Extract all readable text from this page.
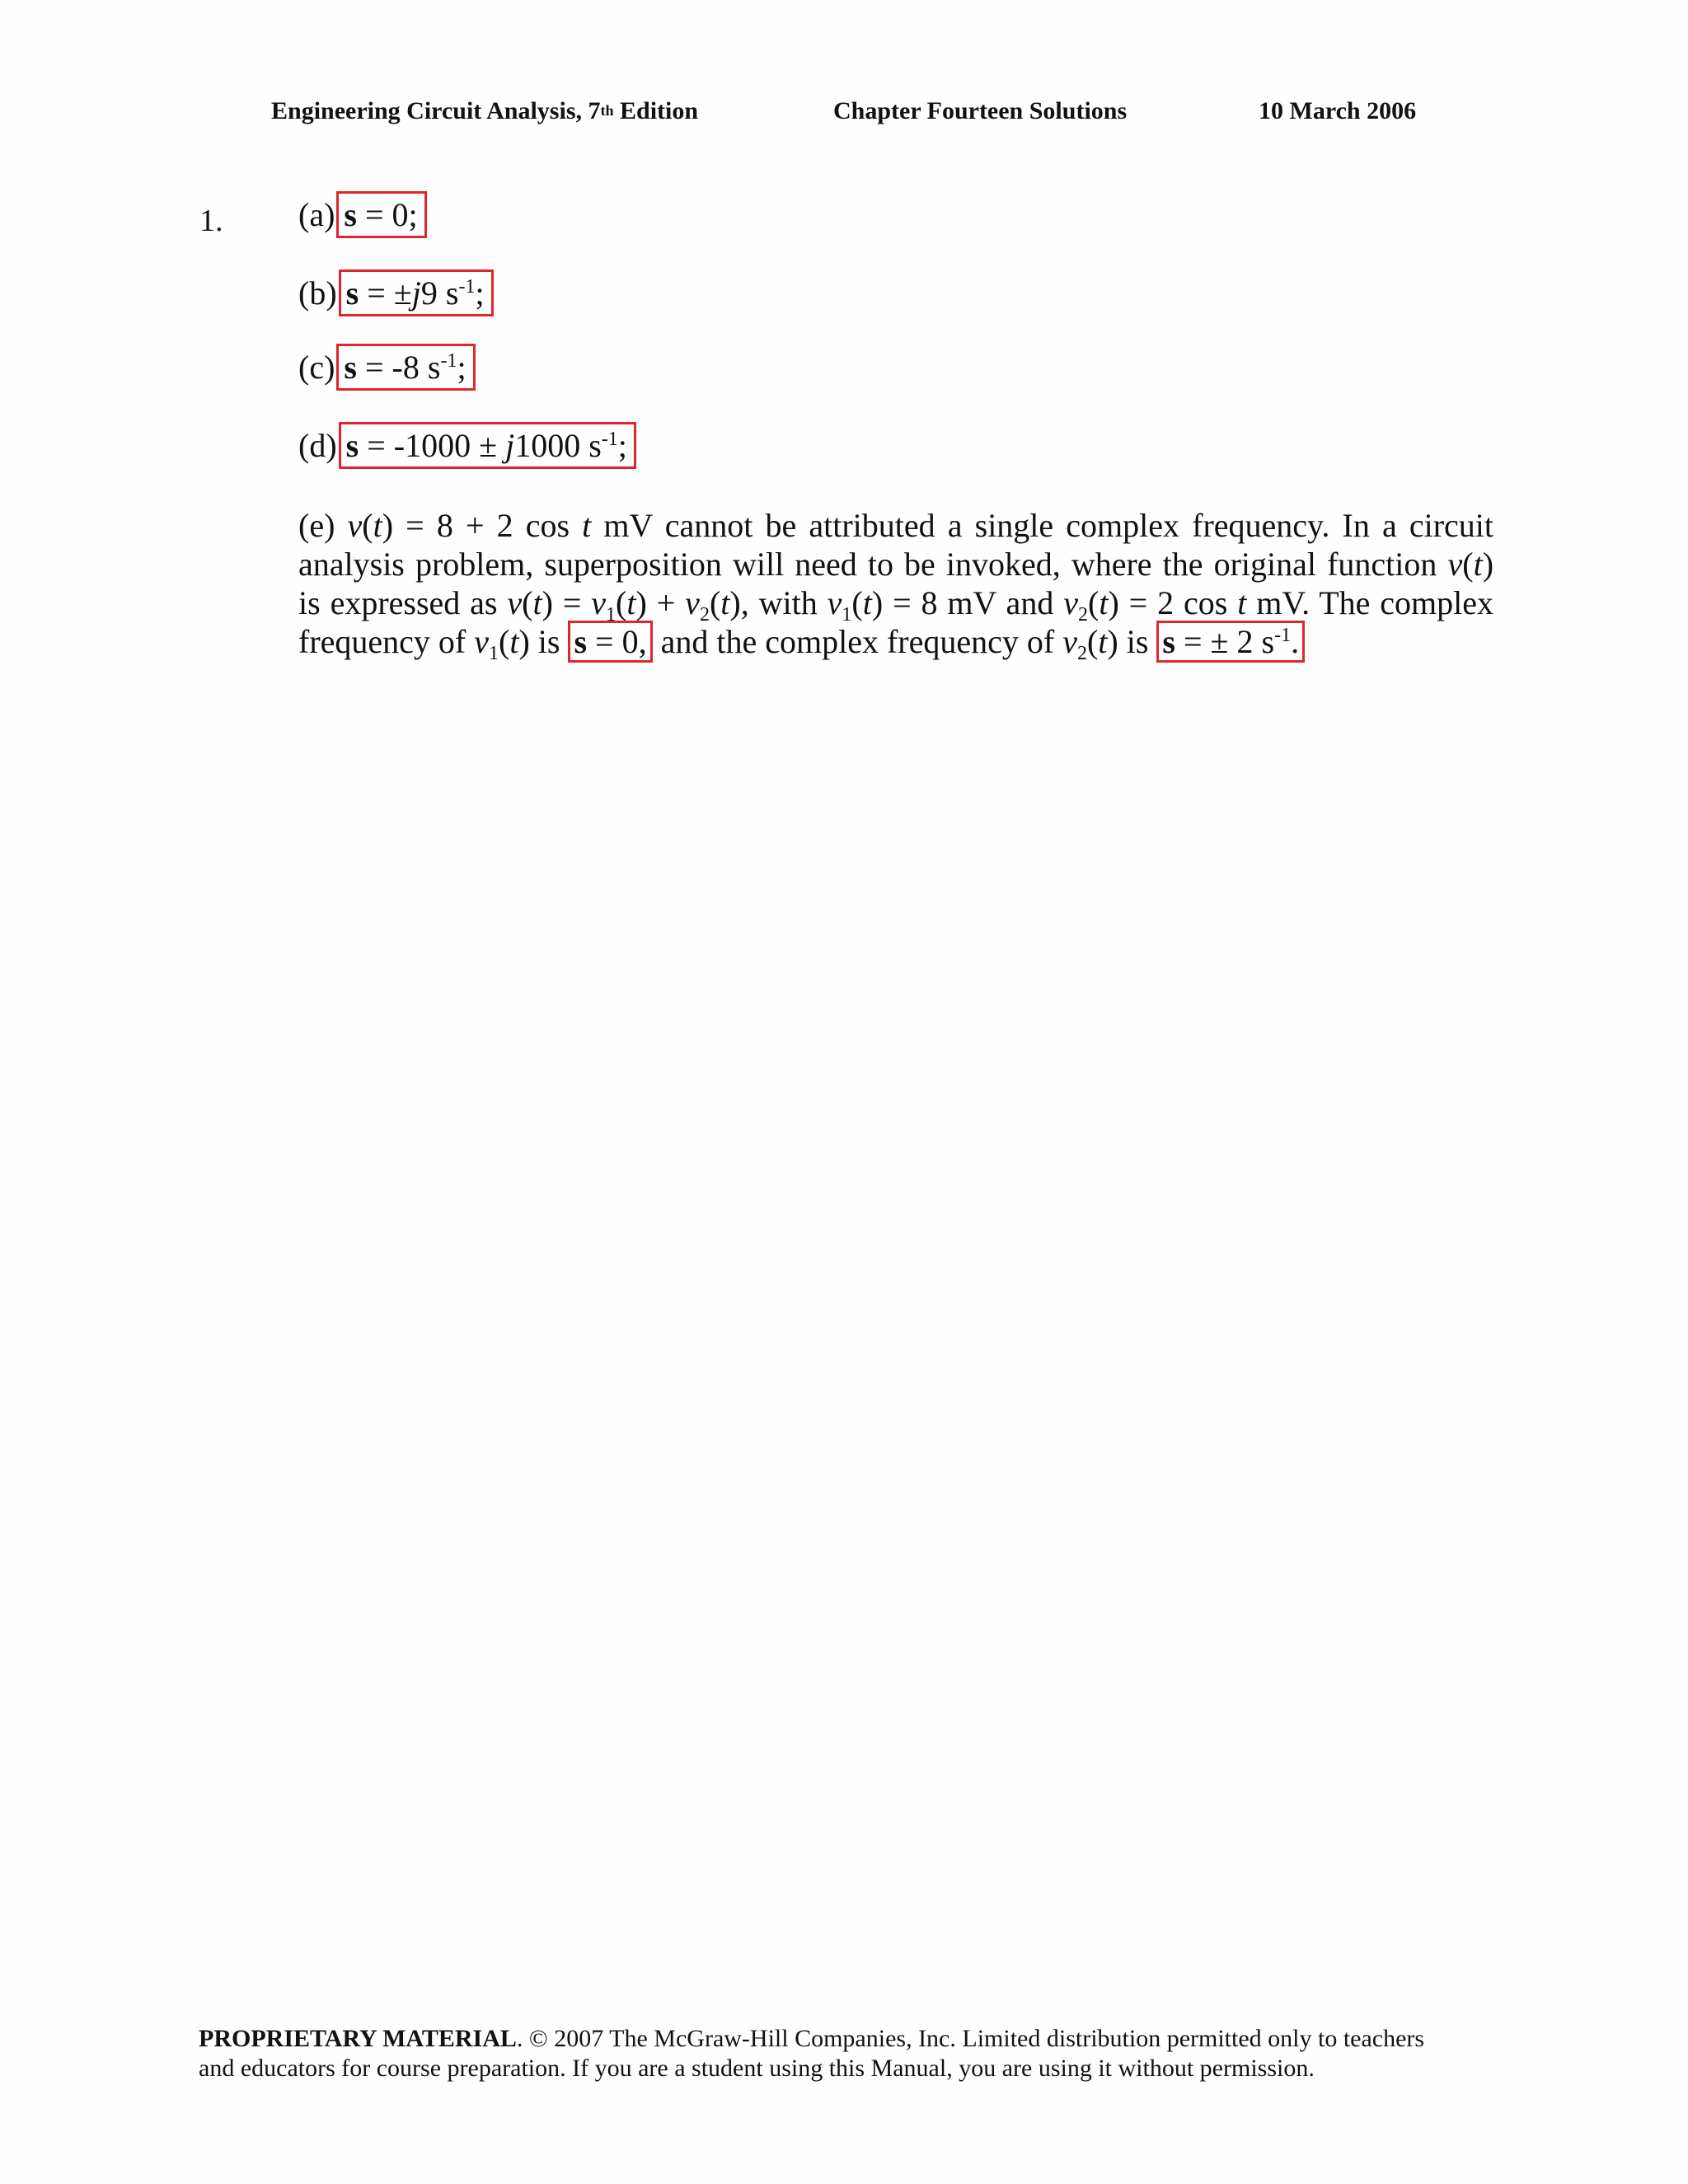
Engineering Circuit Analysis, 7th Edition	Chapter Fourteen Solutions	10 March 2006
1. (a) s = 0;
(b) s = ±j9 $s^{-1}$;
(c) s = -8 $s^{-1}$;
(d) s = -1000 ± j1000 $s^{-1}$;
(e) v(t) = 8 + 2 cos t mV cannot be attributed a single complex frequency. In a circuit
analysis problem, superposition will need to be invoked, where the original function v(t)
is expressed as $v(t) = v_1(t) + v_2(t)$, with $v_1(t) = 8$ mV and $v_2(t) = 2$ cos t mV. The complex
frequency of $v_1(t)$ is s = 0, and the complex frequency of $v_2(t)$ is s = ± 2 $s^{-1}$.
PROPRIETARY MATERIAL. © 2007 The McGraw-Hill Companies, Inc. Limited distribution permitted only to teachers
and educators for course preparation. If you are a student using this Manual, you are using it without permission.
